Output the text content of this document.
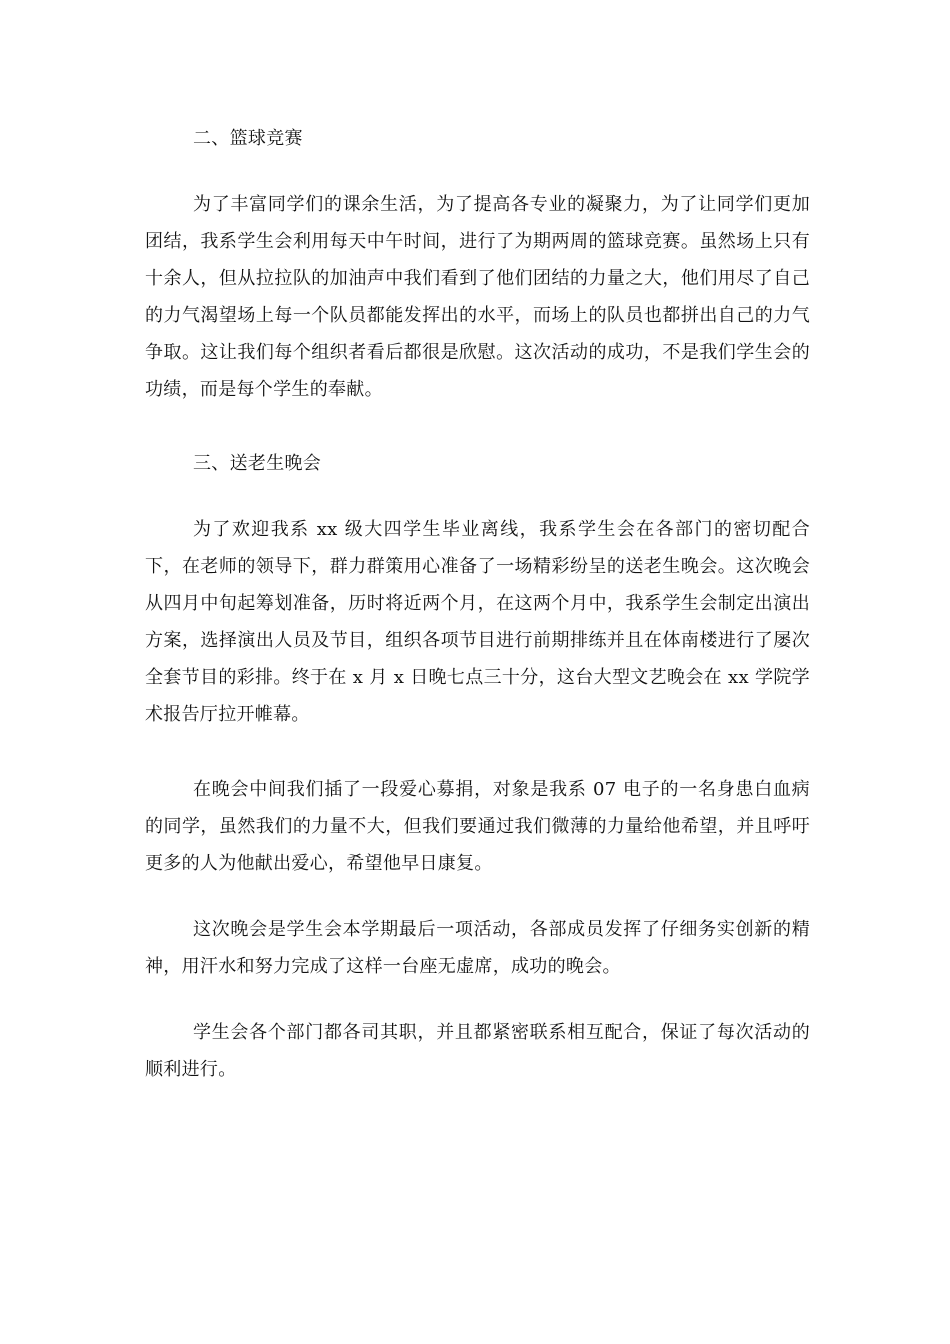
二、篮球竞赛
为了丰富同学们的课余生活，为了提高各专业的凝聚力，为了让同学们更加团结，我系学生会利用每天中午时间，进行了为期两周的篮球竞赛。虽然场上只有十余人，但从拉拉队的加油声中我们看到了他们团结的力量之大，他们用尽了自己的力气渴望场上每一个队员都能发挥出的水平，而场上的队员也都拼出自己的力气争取。这让我们每个组织者看后都很是欣慰。这次活动的成功，不是我们学生会的功绩，而是每个学生的奉献。
三、送老生晚会
为了欢迎我系 xx 级大四学生毕业离线，我系学生会在各部门的密切配合下，在老师的领导下，群力群策用心准备了一场精彩纷呈的送老生晚会。这次晚会从四月中旬起筹划准备，历时将近两个月，在这两个月中，我系学生会制定出演出方案，选择演出人员及节目，组织各项节目进行前期排练并且在体南楼进行了屡次全套节目的彩排。终于在 x 月 x 日晚七点三十分，这台大型文艺晚会在 xx 学院学术报告厅拉开帷幕。
在晚会中间我们插了一段爱心募捐，对象是我系 07 电子的一名身患白血病的同学，虽然我们的力量不大，但我们要通过我们微薄的力量给他希望，并且呼吁更多的人为他献出爱心，希望他早日康复。
这次晚会是学生会本学期最后一项活动，各部成员发挥了仔细务实创新的精神，用汗水和努力完成了这样一台座无虚席，成功的晚会。
学生会各个部门都各司其职，并且都紧密联系相互配合，保证了每次活动的顺利进行。
